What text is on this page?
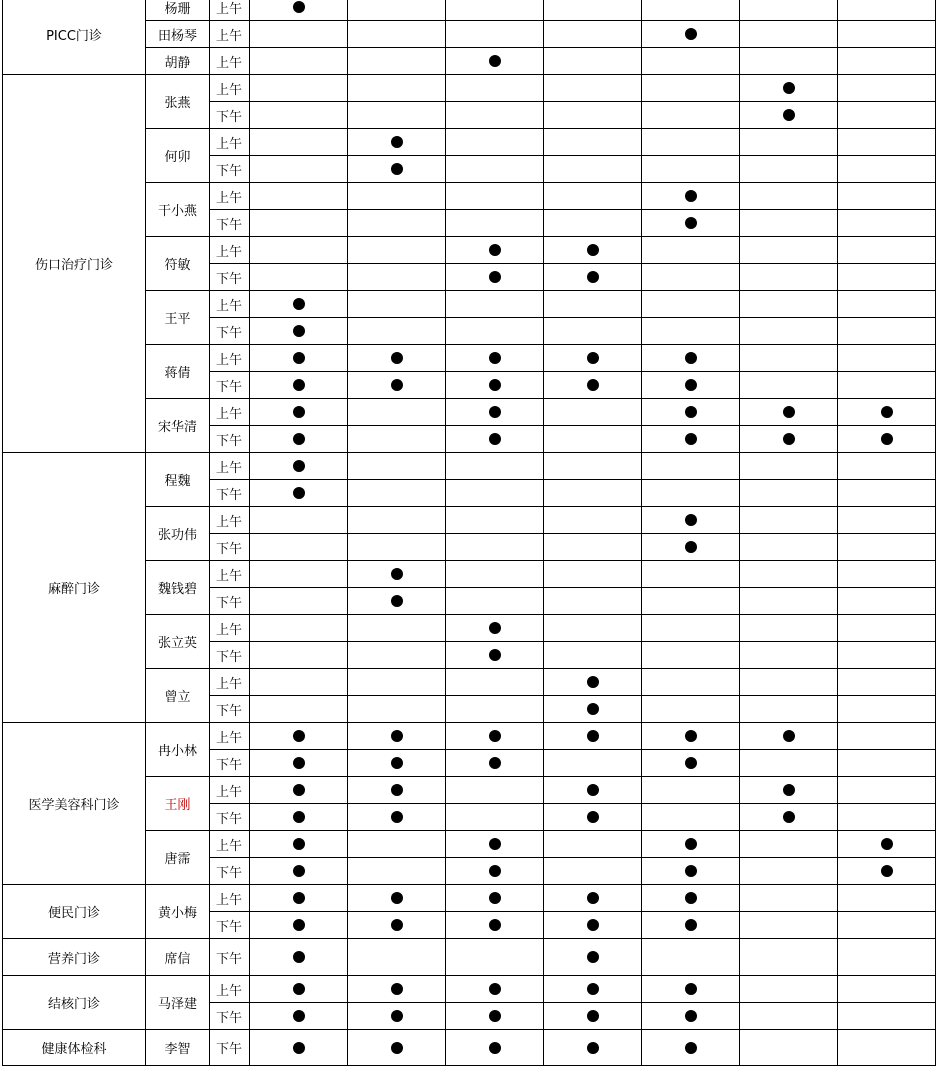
上午
杨珊
上午
田杨琴
上午
胡静
PICC门诊
上午
下午
张燕
上午
下午
何卯
上午
下午
干小燕
上午
下午
符敏
上午
下午
王平
上午
下午
蒋倩
上午
下午
宋华清
伤口治疗门诊
上午
下午
程魏
上午
下午
张功伟
上午
下午
魏钱碧
上午
下午
张立英
上午
下午
曾立
麻醉门诊
上午
下午
冉小林
上午
下午
王刚
上午
下午
唐霈
医学美容科门诊
上午
下午
黄小梅
便民门诊
下午
席信
营养门诊
上午
下午
马泽建
结核门诊
下午
李智
健康体检科
